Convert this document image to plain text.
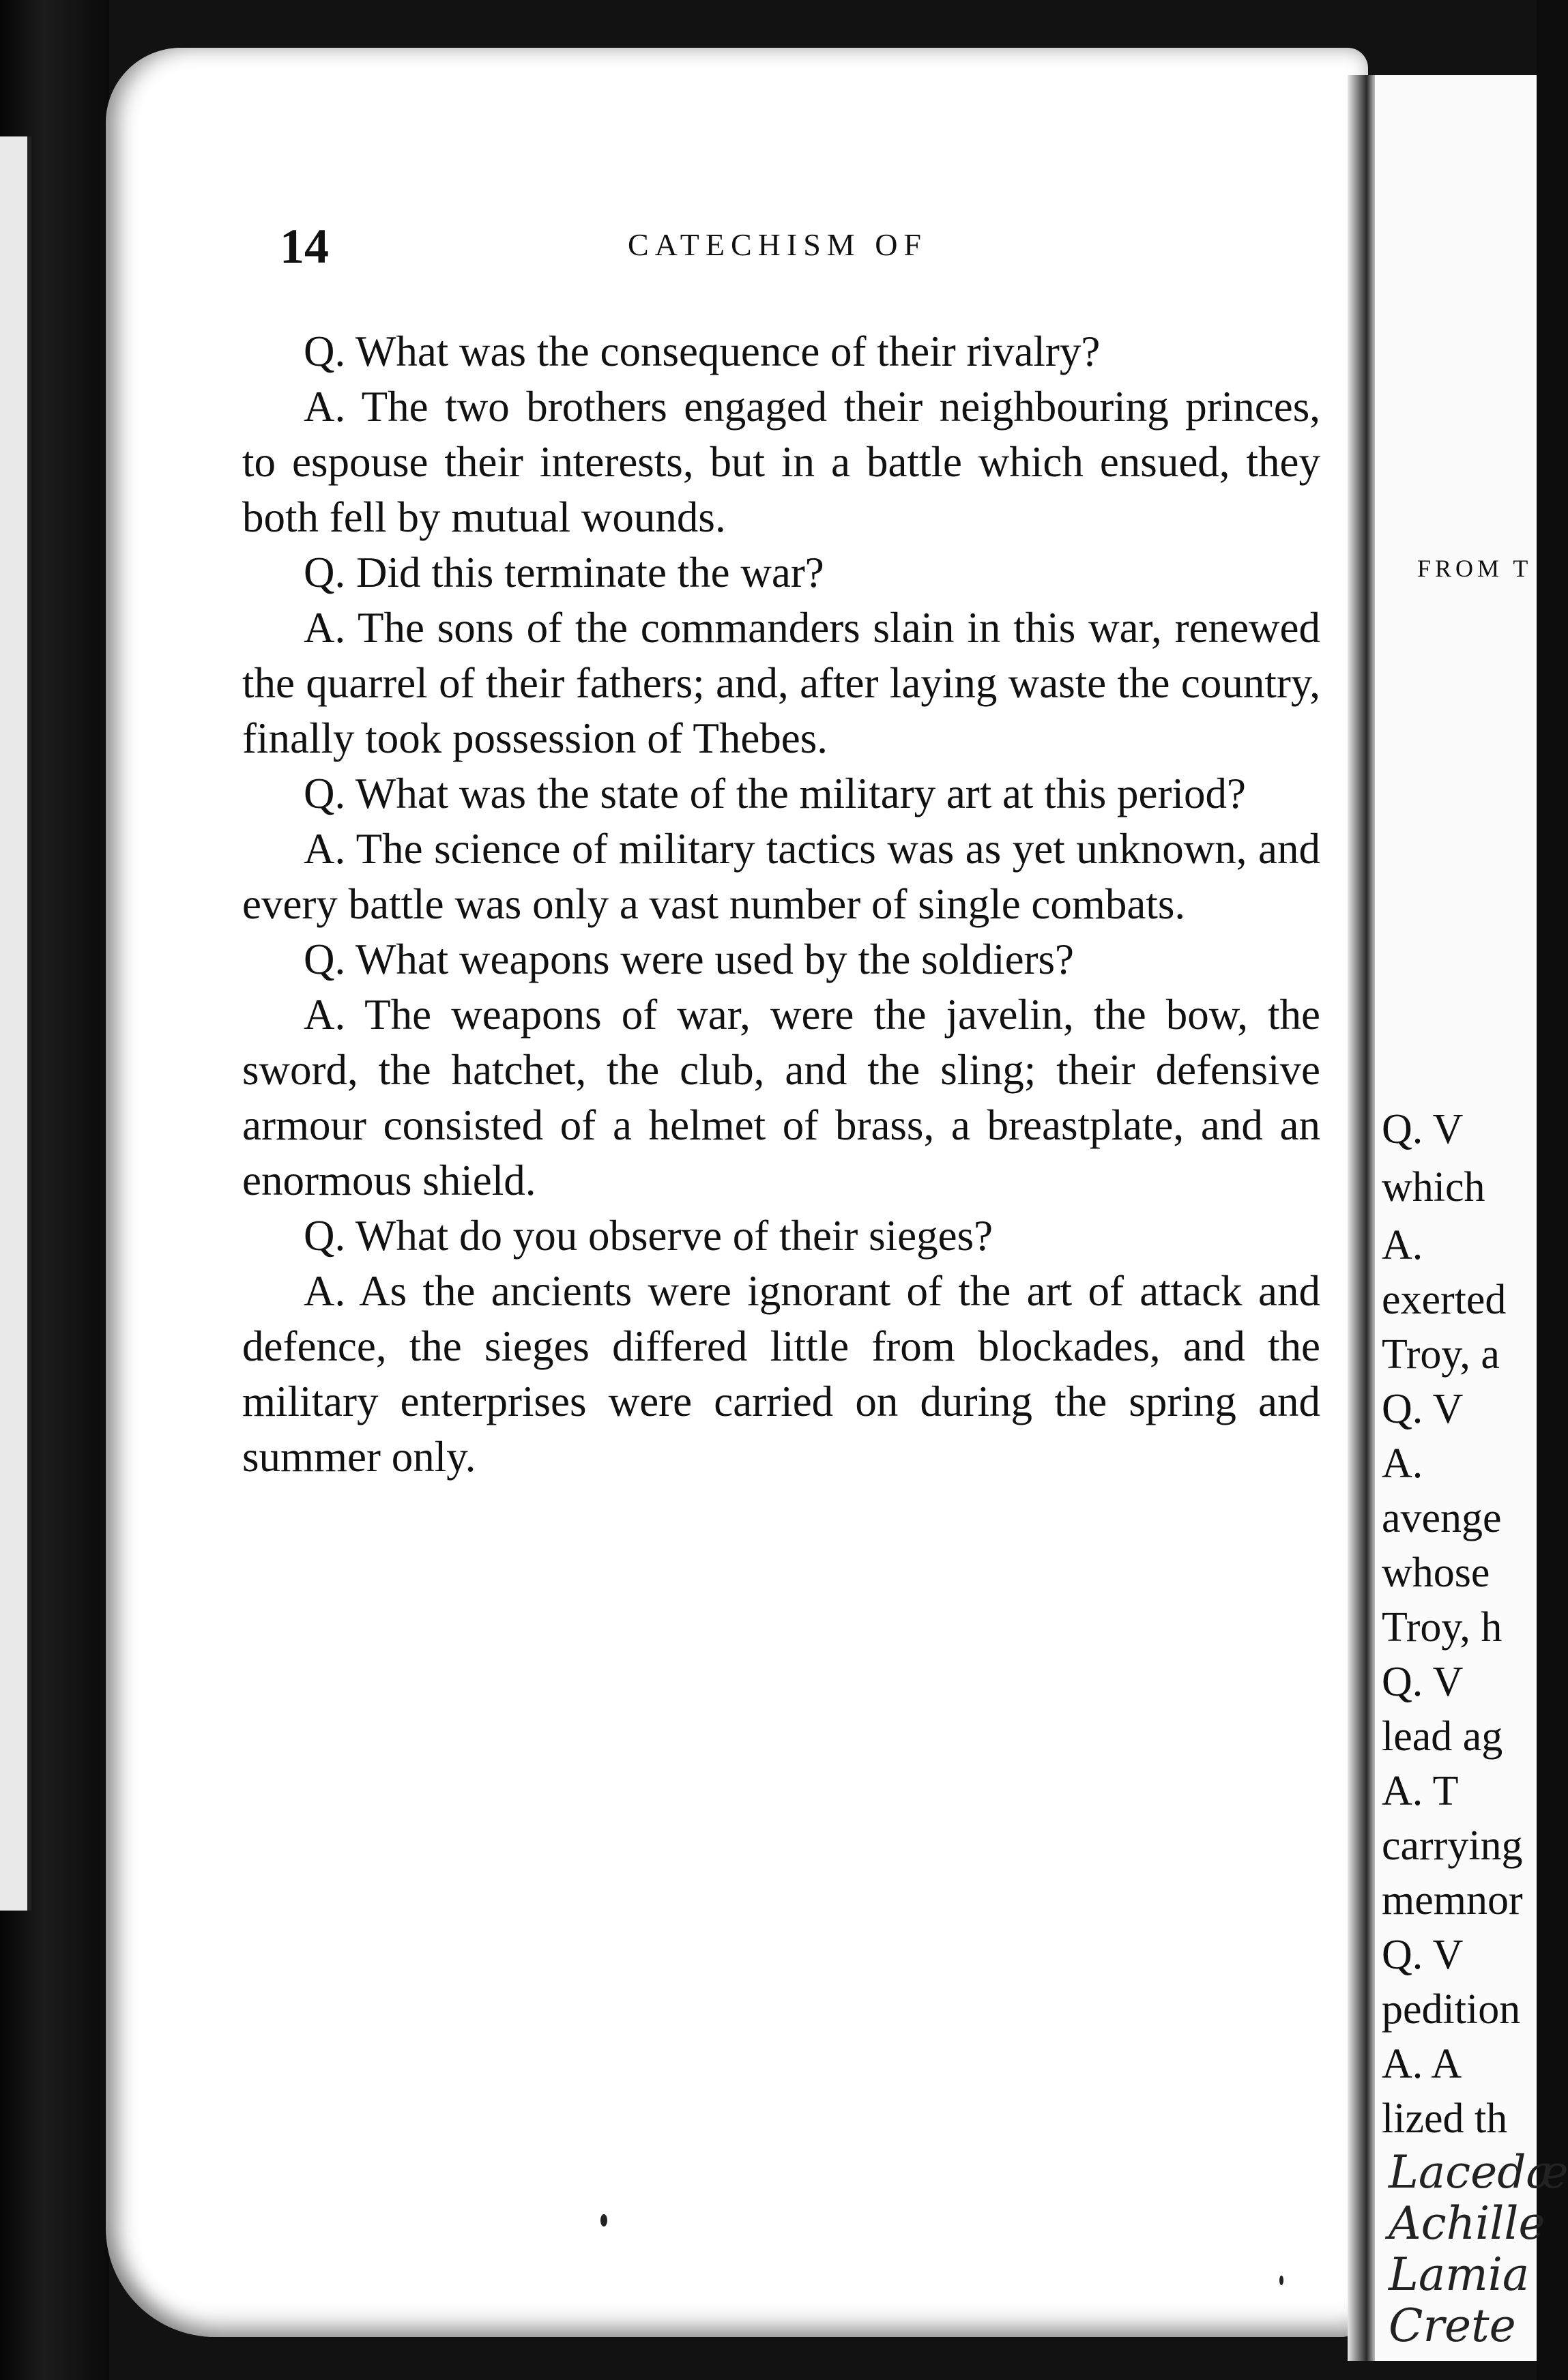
14	CATECHISM OF

Q. What was the consequence of their rivalry?

A. The two brothers engaged their neighbouring princes, to espouse their interests, but in a battle which ensued, they both fell by mutual wounds.

Q. Did this terminate the war?

A. The sons of the commanders slain in this war, renewed the quarrel of their fathers; and, after laying waste the country, finally took possession of Thebes.

Q. What was the state of the military art at this period?

A. The science of military tactics was as yet unknown, and every battle was only a vast number of single combats.

Q. What weapons were used by the soldiers?

A. The weapons of war, were the javelin, the bow, the sword, the hatchet, the club, and the sling; their defensive armour consisted of a helmet of brass, a breastplate, and an enormous shield.

Q. What do you observe of their sieges?

A. As the ancients were ignorant of the art of attack and defence, the sieges differed little from blockades, and the military enterprises were carried on during the spring and summer only.

FROM T
Q. V
which
A.
exerted
Troy, a
Q. V
A.
avenge
whose
Troy, h
Q. V
lead ag
A. T
carrying
memnor
Q. V
pedition
A. A
lized th
Lacedæ
Achille
Lamia
Crete
